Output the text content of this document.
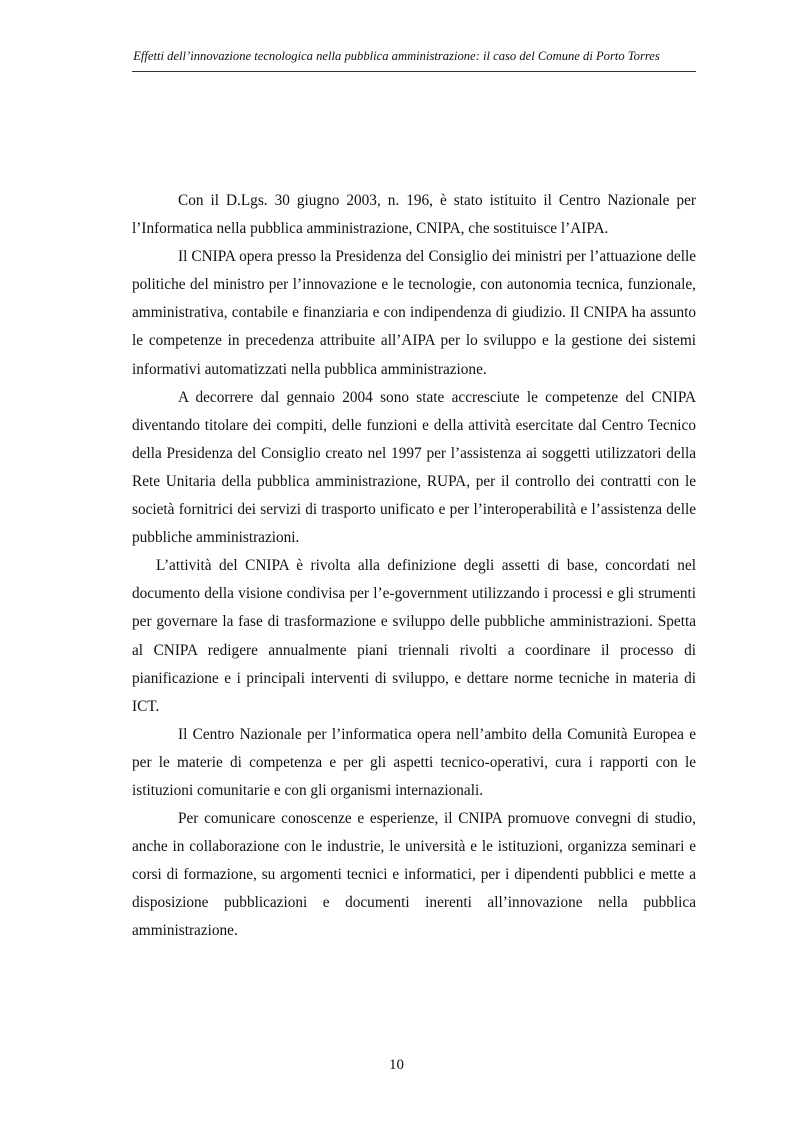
Effetti dell’innovazione tecnologica nella pubblica amministrazione: il caso del Comune di Porto Torres

Con il D.Lgs. 30 giugno 2003, n. 196, è stato istituito il Centro Nazionale per l’Informatica nella pubblica amministrazione, CNIPA, che sostituisce l’AIPA.

Il CNIPA opera presso la Presidenza del Consiglio dei ministri per l’attuazione delle politiche del ministro per l’innovazione e le tecnologie, con autonomia tecnica, funzionale, amministrativa, contabile e finanziaria e con indipendenza di giudizio. Il CNIPA ha assunto le competenze in precedenza attribuite all’AIPA per lo sviluppo e la gestione dei sistemi informativi automatizzati nella pubblica amministrazione.

A decorrere dal gennaio 2004 sono state accresciute le competenze del CNIPA diventando titolare dei compiti, delle funzioni e della attività esercitate dal Centro Tecnico della Presidenza del Consiglio creato nel 1997 per l’assistenza ai soggetti utilizzatori della Rete Unitaria della pubblica amministrazione, RUPA, per il controllo dei contratti con le società fornitrici dei servizi di trasporto unificato e per l’interoperabilità e l’assistenza delle pubbliche amministrazioni.

L’attività del CNIPA è rivolta alla definizione degli assetti di base, concordati nel documento della visione condivisa per l’e-government utilizzando i processi e gli strumenti per governare la fase di trasformazione e sviluppo delle pubbliche amministrazioni. Spetta al CNIPA redigere annualmente piani triennali rivolti a coordinare il processo di pianificazione e i principali interventi di sviluppo, e dettare norme tecniche in materia di ICT.

Il Centro Nazionale per l’informatica opera nell’ambito della Comunità Europea e per le materie di competenza e per gli aspetti tecnico-operativi, cura i rapporti con le istituzioni comunitarie e con gli organismi internazionali.

Per comunicare conoscenze e esperienze, il CNIPA promuove convegni di studio, anche in collaborazione con le industrie, le università e le istituzioni, organizza seminari e corsi di formazione, su argomenti tecnici e informatici, per i dipendenti pubblici e mette a disposizione pubblicazioni e documenti inerenti all’innovazione nella pubblica amministrazione.

10
